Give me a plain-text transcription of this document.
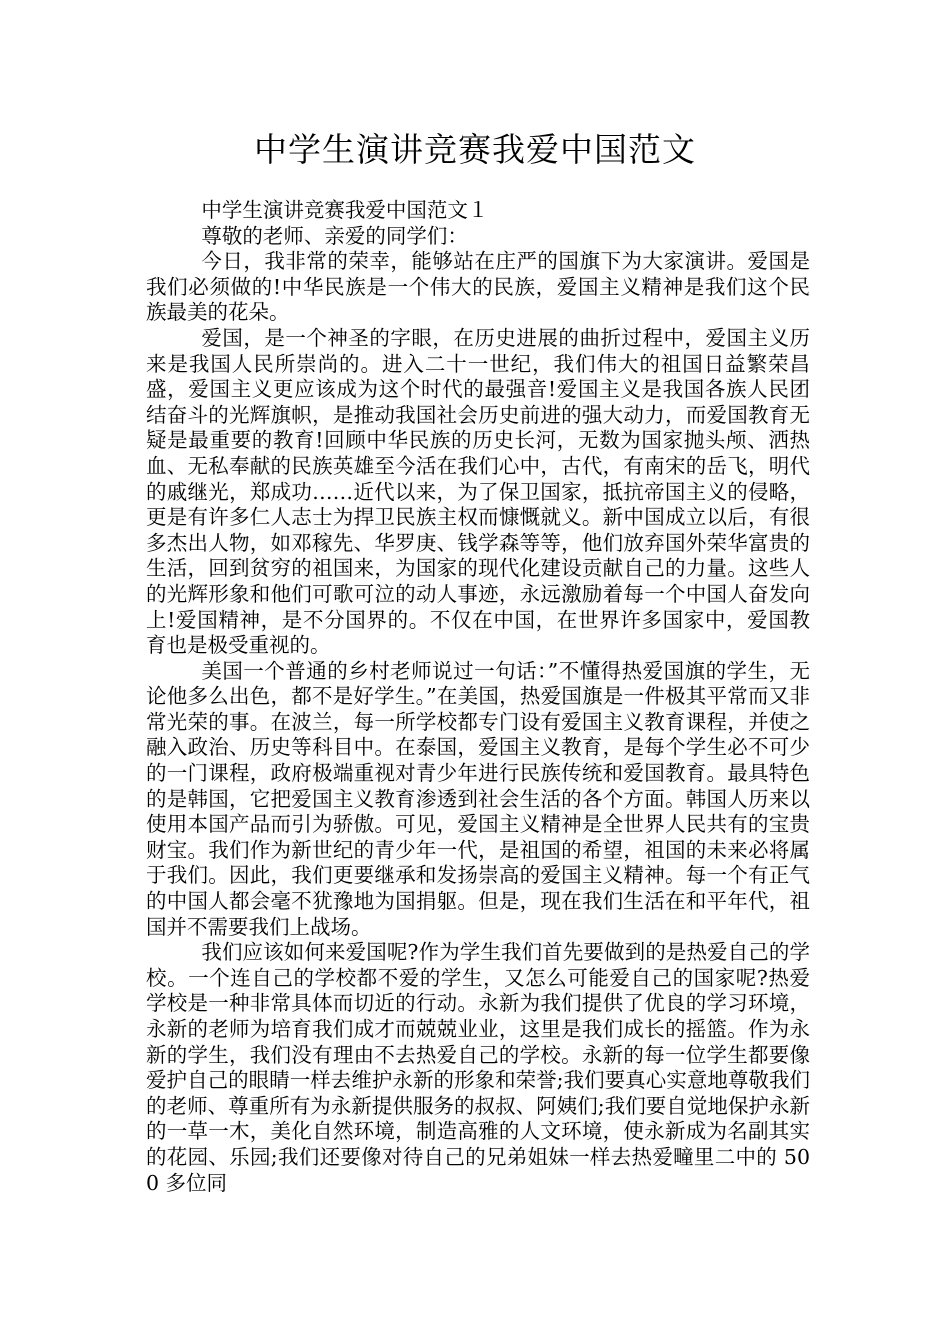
中学生演讲竞赛我爱中国范文

中学生演讲竞赛我爱中国范文１

尊敬的老师、亲爱的同学们：

今日，我非常的荣幸，能够站在庄严的国旗下为大家演讲。爱国是我们必须做的!中华民族是一个伟大的民族，爱国主义精神是我们这个民族最美的花朵。

爱国，是一个神圣的字眼，在历史进展的曲折过程中，爱国主义历来是我国人民所崇尚的。进入二十一世纪，我们伟大的祖国日益繁荣昌盛，爱国主义更应该成为这个时代的最强音!爱国主义是我国各族人民团结奋斗的光辉旗帜，是推动我国社会历史前进的强大动力，而爱国教育无疑是最重要的教育!回顾中华民族的历史长河，无数为国家抛头颅、洒热血、无私奉献的民族英雄至今活在我们心中，古代，有南宋的岳飞，明代的戚继光，郑成功……近代以来，为了保卫国家，抵抗帝国主义的侵略，更是有许多仁人志士为捍卫民族主权而慷慨就义。新中国成立以后，有很多杰出人物，如邓稼先、华罗庚、钱学森等等，他们放弃国外荣华富贵的生活，回到贫穷的祖国来，为国家的现代化建设贡献自己的力量。这些人的光辉形象和他们可歌可泣的动人事迹，永远激励着每一个中国人奋发向上!爱国精神，是不分国界的。不仅在中国，在世界许多国家中，爱国教育也是极受重视的。

美国一个普通的乡村老师说过一句话：”不懂得热爱国旗的学生，无论他多么出色，都不是好学生。”在美国，热爱国旗是一件极其平常而又非常光荣的事。在波兰，每一所学校都专门设有爱国主义教育课程，并使之融入政治、历史等科目中。在泰国，爱国主义教育，是每个学生必不可少的一门课程，政府极端重视对青少年进行民族传统和爱国教育。最具特色的是韩国，它把爱国主义教育渗透到社会生活的各个方面。韩国人历来以使用本国产品而引为骄傲。可见，爱国主义精神是全世界人民共有的宝贵财宝。我们作为新世纪的青少年一代，是祖国的希望，祖国的未来必将属于我们。因此，我们更要继承和发扬崇高的爱国主义精神。每一个有正气的中国人都会毫不犹豫地为国捐躯。但是，现在我们生活在和平年代，祖国并不需要我们上战场。

我们应该如何来爱国呢?作为学生我们首先要做到的是热爱自己的学校。一个连自己的学校都不爱的学生，又怎么可能爱自己的国家呢?热爱学校是一种非常具体而切近的行动。永新为我们提供了优良的学习环境，永新的老师为培育我们成才而兢兢业业，这里是我们成长的摇篮。作为永新的学生，我们没有理由不去热爱自己的学校。永新的每一位学生都要像爱护自己的眼睛一样去维护永新的形象和荣誉;我们要真心实意地尊敬我们的老师、尊重所有为永新提供服务的叔叔、阿姨们;我们要自觉地保护永新的一草一木，美化自然环境，制造高雅的人文环境，使永新成为名副其实的花园、乐园;我们还要像对待自己的兄弟姐妹一样去热爱疃里二中的 500 多位同
